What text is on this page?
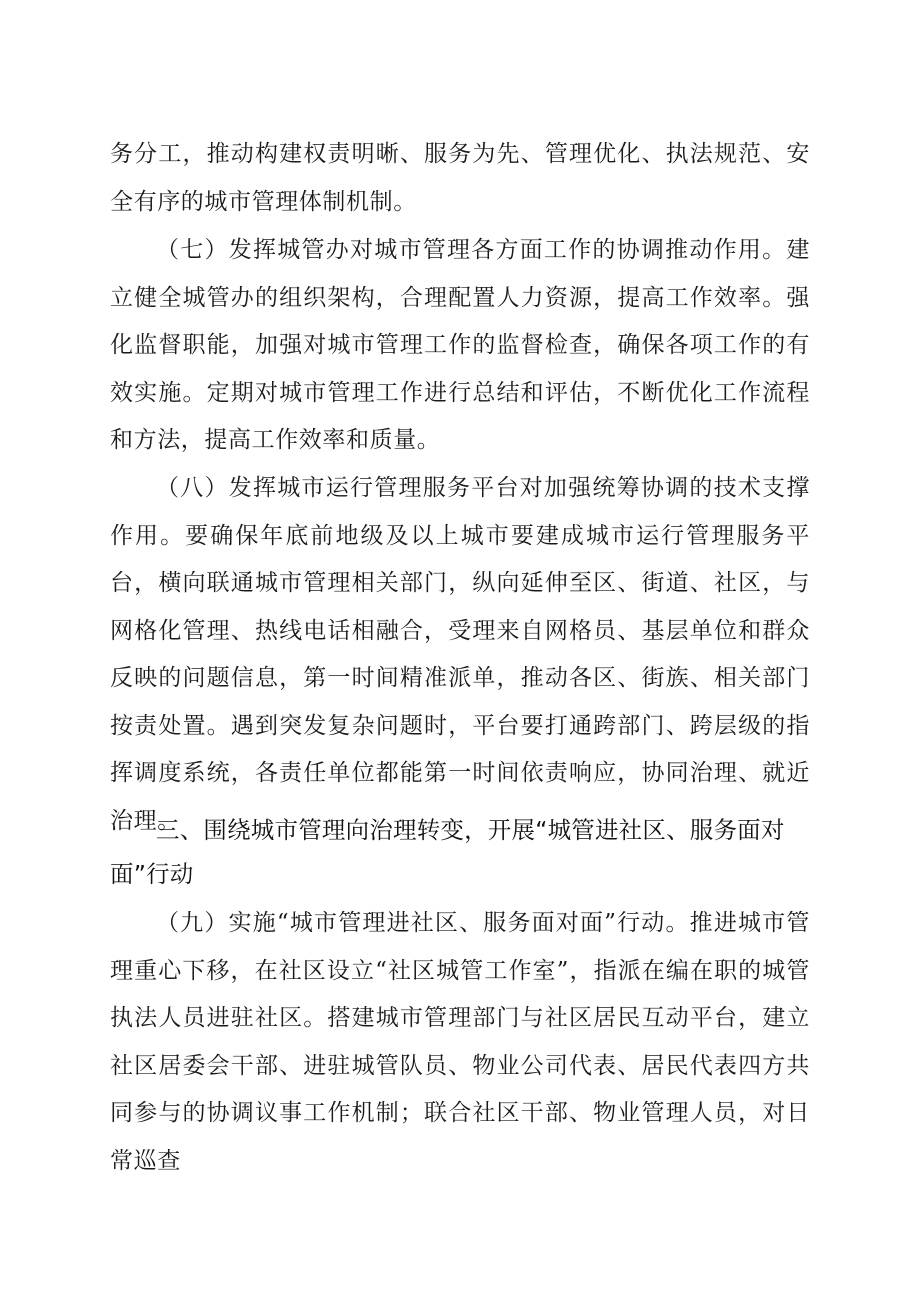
务分工，推动构建权责明晰、服务为先、管理优化、执法规范、安全有序的城市管理体制机制。

（七）发挥城管办对城市管理各方面工作的协调推动作用。建立健全城管办的组织架构，合理配置人力资源，提高工作效率。强化监督职能，加强对城市管理工作的监督检查，确保各项工作的有效实施。定期对城市管理工作进行总结和评估，不断优化工作流程和方法，提高工作效率和质量。

（八）发挥城市运行管理服务平台对加强统筹协调的技术支撑作用。要确保年底前地级及以上城市要建成城市运行管理服务平台，横向联通城市管理相关部门，纵向延伸至区、街道、社区，与网格化管理、热线电话相融合，受理来自网格员、基层单位和群众反映的问题信息，第一时间精准派单，推动各区、街族、相关部门按责处置。遇到突发复杂问题时，平台要打通跨部门、跨层级的指挥调度系统，各责任单位都能第一时间依责响应，协同治理、就近治理。

三、围绕城市管理向治理转变，开展“城管进社区、服务面对面”行动

（九）实施“城市管理进社区、服务面对面”行动。推进城市管理重心下移，在社区设立“社区城管工作室”，指派在编在职的城管执法人员进驻社区。搭建城市管理部门与社区居民互动平台，建立社区居委会干部、进驻城管队员、物业公司代表、居民代表四方共同参与的协调议事工作机制；联合社区干部、物业管理人员，对日常巡查
